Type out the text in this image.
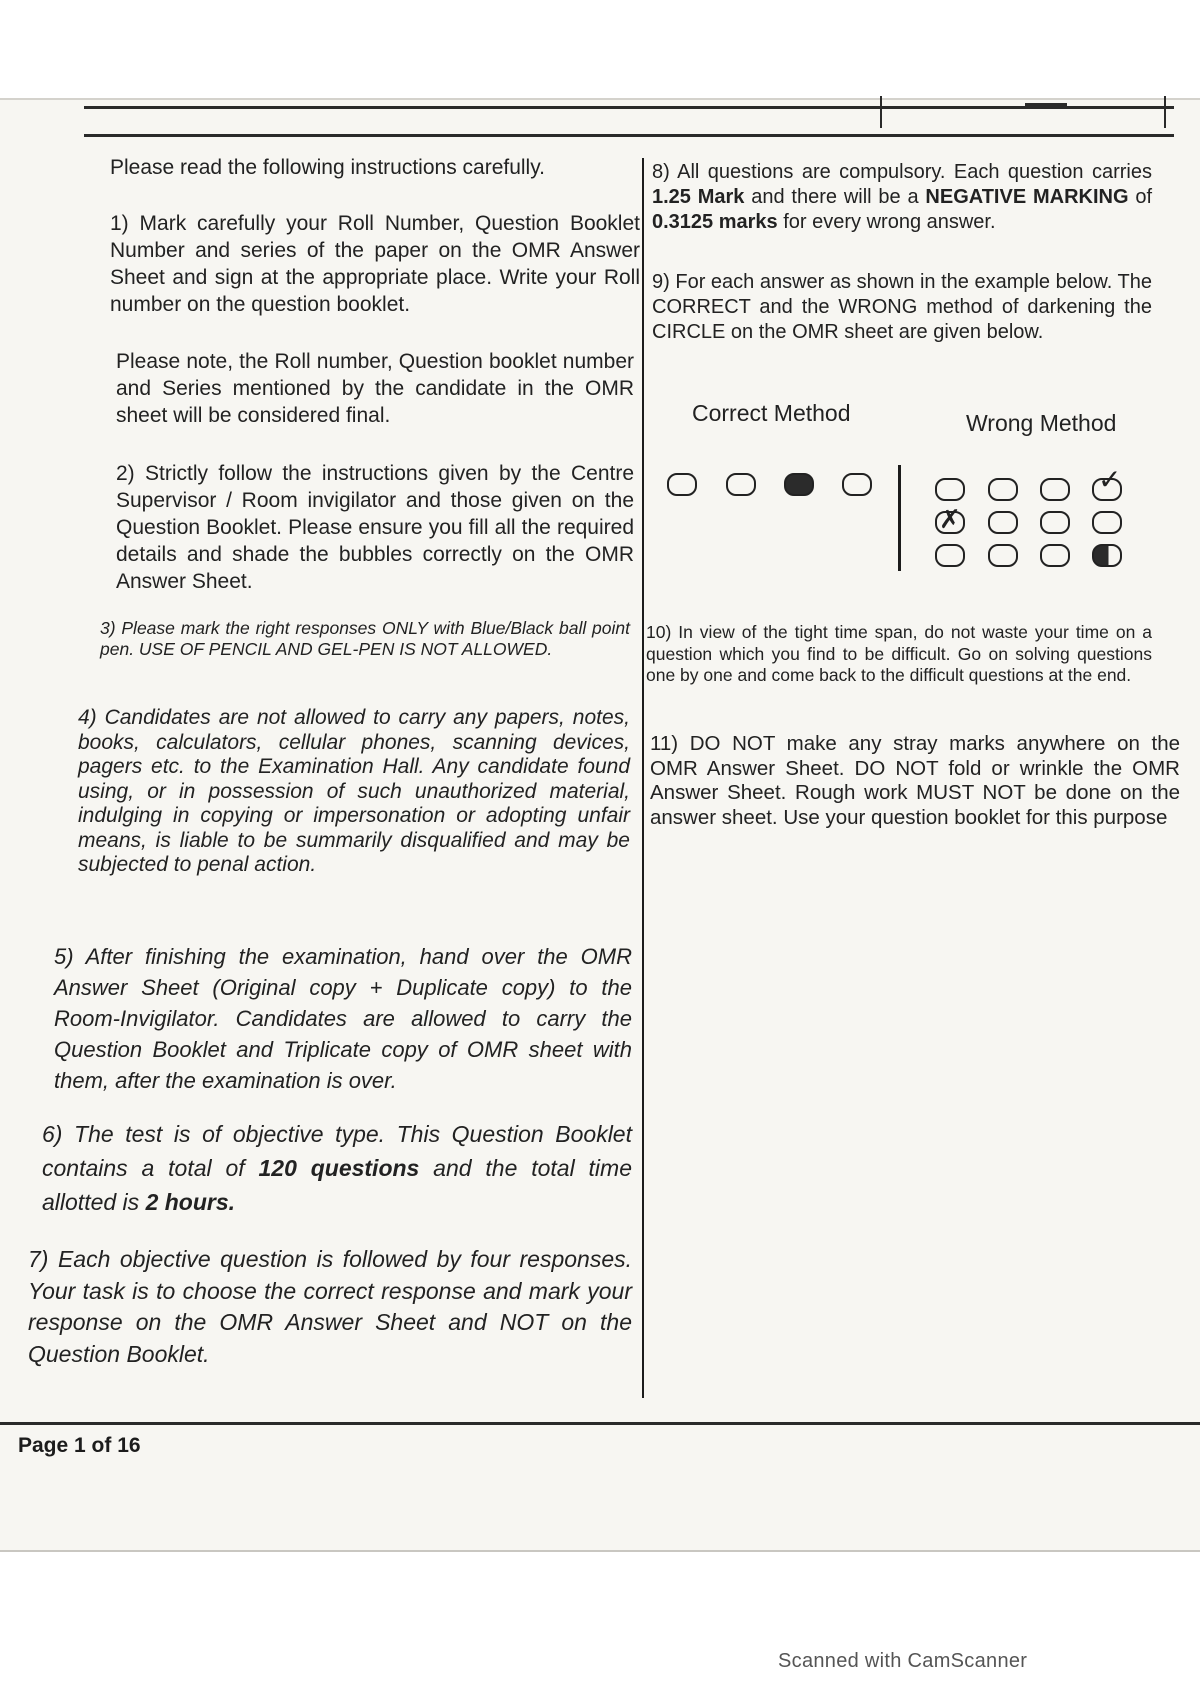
Please read the following instructions carefully.

1) Mark carefully your Roll Number, Question Booklet Number and series of the paper on the OMR Answer Sheet and sign at the appropriate place. Write your Roll number on the question booklet.

Please note, the Roll number, Question booklet number and Series mentioned by the candidate in the OMR sheet will be considered final.

2) Strictly follow the instructions given by the Centre Supervisor / Room invigilator and those given on the Question Booklet. Please ensure you fill all the required details and shade the bubbles correctly on the OMR Answer Sheet.

3) Please mark the right responses ONLY with Blue/Black ball point pen. USE OF PENCIL AND GEL-PEN IS NOT ALLOWED.

4) Candidates are not allowed to carry any papers, notes, books, calculators, cellular phones, scanning devices, pagers etc. to the Examination Hall. Any candidate found using, or in possession of such unauthorized material, indulging in copying or impersonation or adopting unfair means, is liable to be summarily disqualified and may be subjected to penal action.

5) After finishing the examination, hand over the OMR Answer Sheet (Original copy + Duplicate copy) to the Room-Invigilator. Candidates are allowed to carry the Question Booklet and Triplicate copy of OMR sheet with them, after the examination is over.

6) The test is of objective type. This Question Booklet contains a total of 120 questions and the total time allotted is 2 hours.

7) Each objective question is followed by four responses. Your task is to choose the correct response and mark your response on the OMR Answer Sheet and NOT on the Question Booklet.

8) All questions are compulsory. Each question carries 1.25 Mark and there will be a NEGATIVE MARKING of 0.3125 marks for every wrong answer.

9) For each answer as shown in the example below. The CORRECT and the WRONG method of darkening the CIRCLE on the OMR sheet are given below.

Correct Method	Wrong Method
✓
✗

10) In view of the tight time span, do not waste your time on a question which you find to be difficult. Go on solving questions one by one and come back to the difficult questions at the end.

11) DO NOT make any stray marks anywhere on the OMR Answer Sheet. DO NOT fold or wrinkle the OMR Answer Sheet. Rough work MUST NOT be done on the answer sheet. Use your question booklet for this purpose

Page 1 of 16
Scanned with CamScanner
